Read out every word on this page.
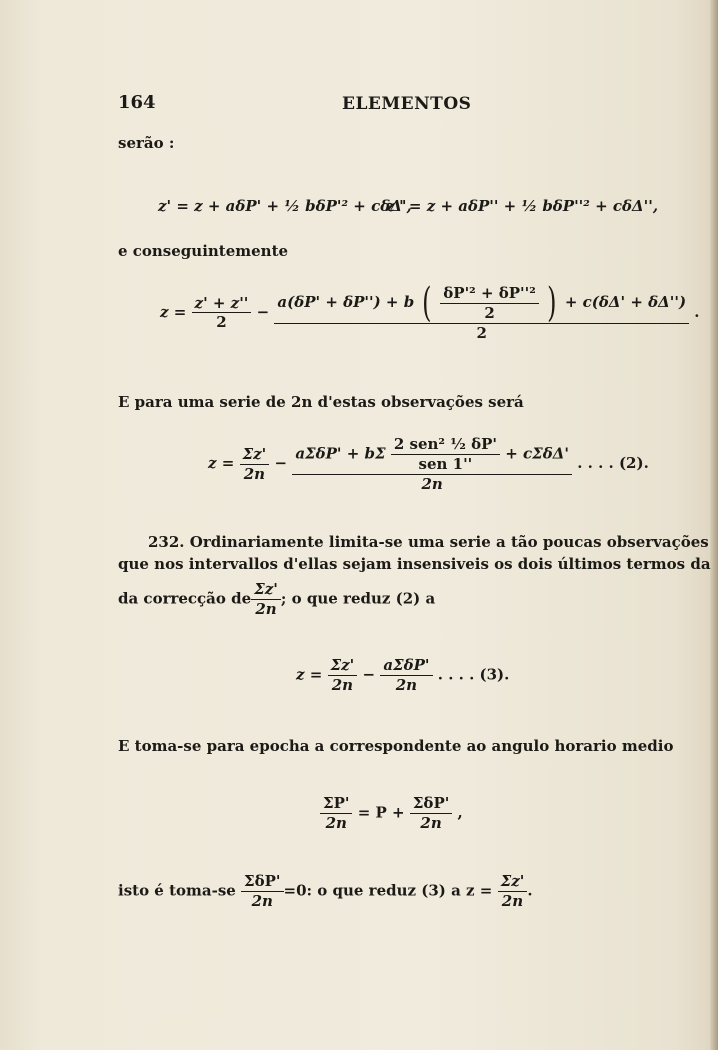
164	ELEMENTOS
serão :
z' = z + aδP' + ½ bδP'² + cδΔ',
z'' = z + aδP'' + ½ bδP''² + cδΔ'',
e conseguintemente
$z = \frac{z' + z''}{2}$ −
a(δP' + δP'') + b ( $\frac{\text{δP'² + δP''²}}{2}$ ) + c(δΔ' + δΔ'')
2
.
E para uma serie de 2n d'estas observações será
$z = \frac{\Sigma z'}{2n}$ −
aΣδP' + bΣ $\frac{\text{2 sen² ½ δP'}}{\text{sen 1''}} + c\Sigma\delta\Delta'$
2n
. . . . (2).
232. Ordinariamente limita-se uma serie a tão poucas observações
que nos intervallos d'ellas sejam insensiveis os dois últimos termos da
da correcção de $\frac{\Sigma z'}{2n}$ ; o que reduz (2) a
$z = \frac{\Sigma z'}{2n} - \frac{\text{aΣδP'}}{2n}$ . . . . (3).
E toma-se para epocha a correspondente ao angulo horario medio
$\frac{\Sigma P'}{2n} = P + \frac{\text{ΣδP'}}{2n}$ ,
isto é toma-se $\frac{\text{ΣδP'}}{2n} =0$: o que reduz (3) a $z = \frac{\Sigma z'}{2n}$ .
